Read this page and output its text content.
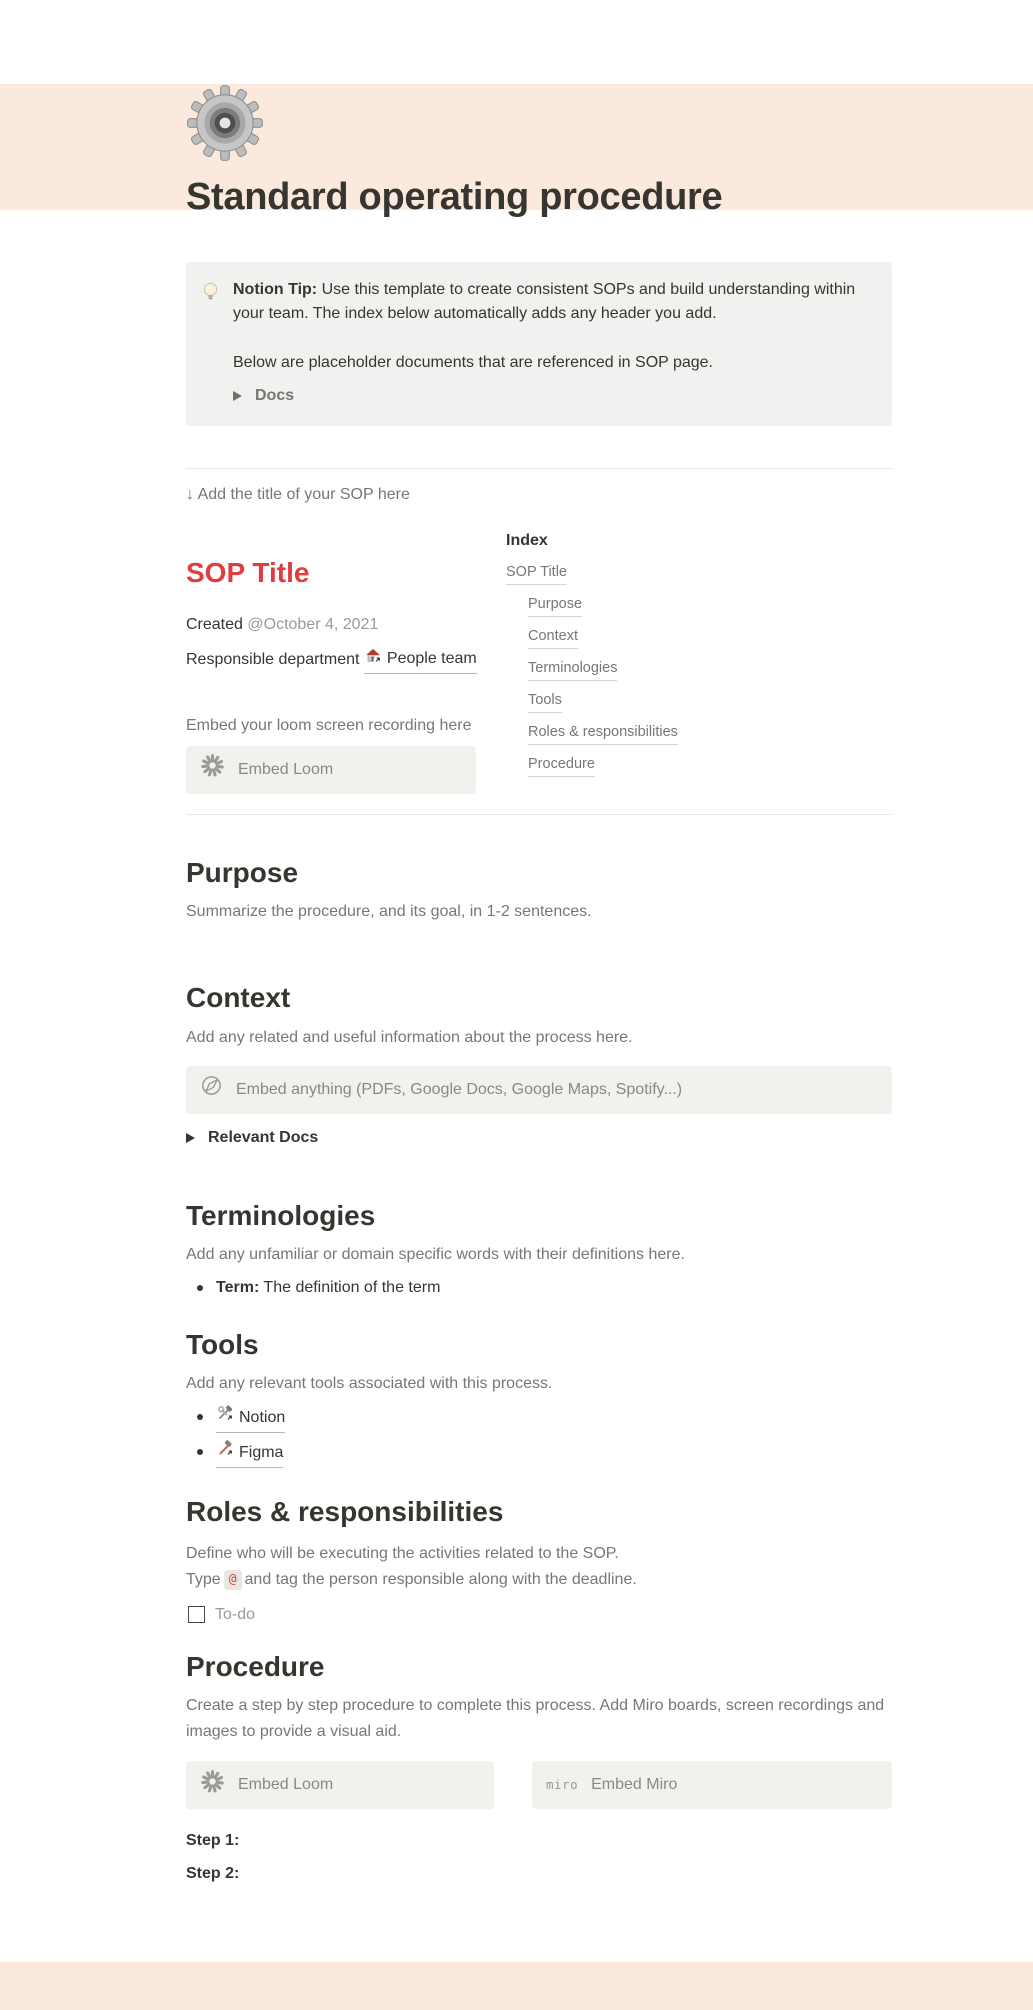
Standard operating procedure

Notion Tip: Use this template to create consistent SOPs and build understanding within your team. The index below automatically adds any header you add.

Below are placeholder documents that are referenced in SOP page.

Docs
↓ Add the title of your SOP here
SOP Title
Created @October 4, 2021
Responsible department People team
Embed your loom screen recording here
Embed Loom
Index
SOP Title
Purpose
Context
Terminologies
Tools
Roles & responsibilities
Procedure
Purpose

Summarize the procedure, and its goal, in 1-2 sentences.

Context

Add any related and useful information about the process here.

Embed anything (PDFs, Google Docs, Google Maps, Spotify...)
Relevant Docs
Terminologies

Add any unfamiliar or domain specific words with their definitions here.

Term: The definition of the term
Tools

Add any relevant tools associated with this process.

Notion
Figma
Roles & responsibilities

Define who will be executing the activities related to the SOP.
Type @ and tag the person responsible along with the deadline.

To-do
Procedure

Create a step by step procedure to complete this process. Add Miro boards, screen recordings and images to provide a visual aid.

Embed Loom	miro Embed Miro
Step 1:
Step 2:
